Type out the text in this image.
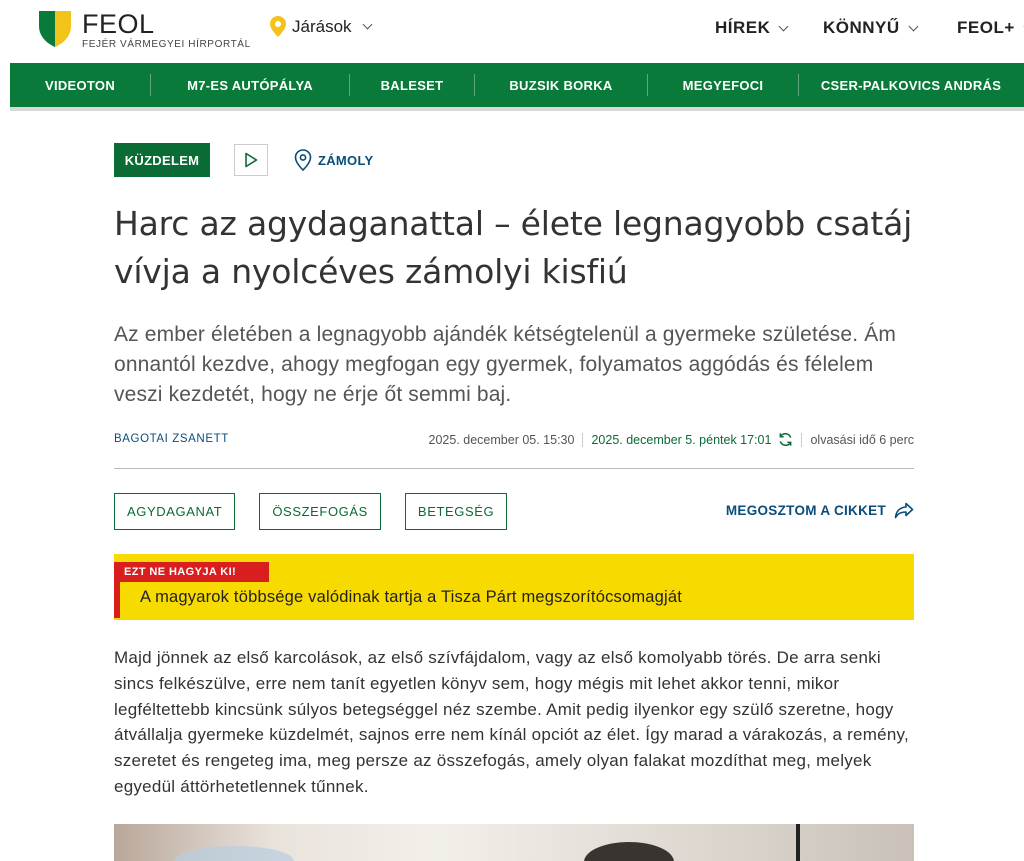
FEOL
FEJÉR VÁRMEGYEI HÍRPORTÁL
Járások	HÍREK	KÖNNYŰ	FEOL+
VIDEOTON	M7-ES AUTÓPÁLYA	BALESET	BUZSIK BORKA	MEGYEFOCI	CSER-PALKOVICS ANDRÁS
KÜZDELEM	ZÁMOLY
Harc az agydaganattal – élete legnagyobb csatáj
vívja a nyolcéves zámolyi kisfiú

Az ember életében a legnagyobb ajándék kétségtelenül a gyermeke születése. Ám onnantól kezdve, ahogy megfogan egy gyermek, folyamatos aggódás és félelem veszi kezdetét, hogy ne érje őt semmi baj.

BAGOTAI ZSANETT	2025. december 05. 15:30 2025. december 5. péntek 17:01	olvasási idő 6 perc
AGYDAGANAT	ÖSSZEFOGÁS	BETEGSÉG	MEGOSZTOM A CIKKET
EZT NE HAGYJA KI!
A magyarok többsége valódinak tartja a Tisza Párt megszorítócsomagját

Majd jönnek az első karcolások, az első szívfájdalom, vagy az első komolyabb törés. De arra senki sincs felkészülve, erre nem tanít egyetlen könyv sem, hogy mégis mit lehet akkor tenni, mikor legféltettebb kincsünk súlyos betegséggel néz szembe. Amit pedig ilyenkor egy szülő szeretne, hogy átvállalja gyermeke küzdelmét, sajnos erre nem kínál opciót az élet. Így marad a várakozás, a remény, szeretet és rengeteg ima, meg persze az összefogás, amely olyan falakat mozdíthat meg, melyek egyedül áttörhetetlennek tűnnek.
